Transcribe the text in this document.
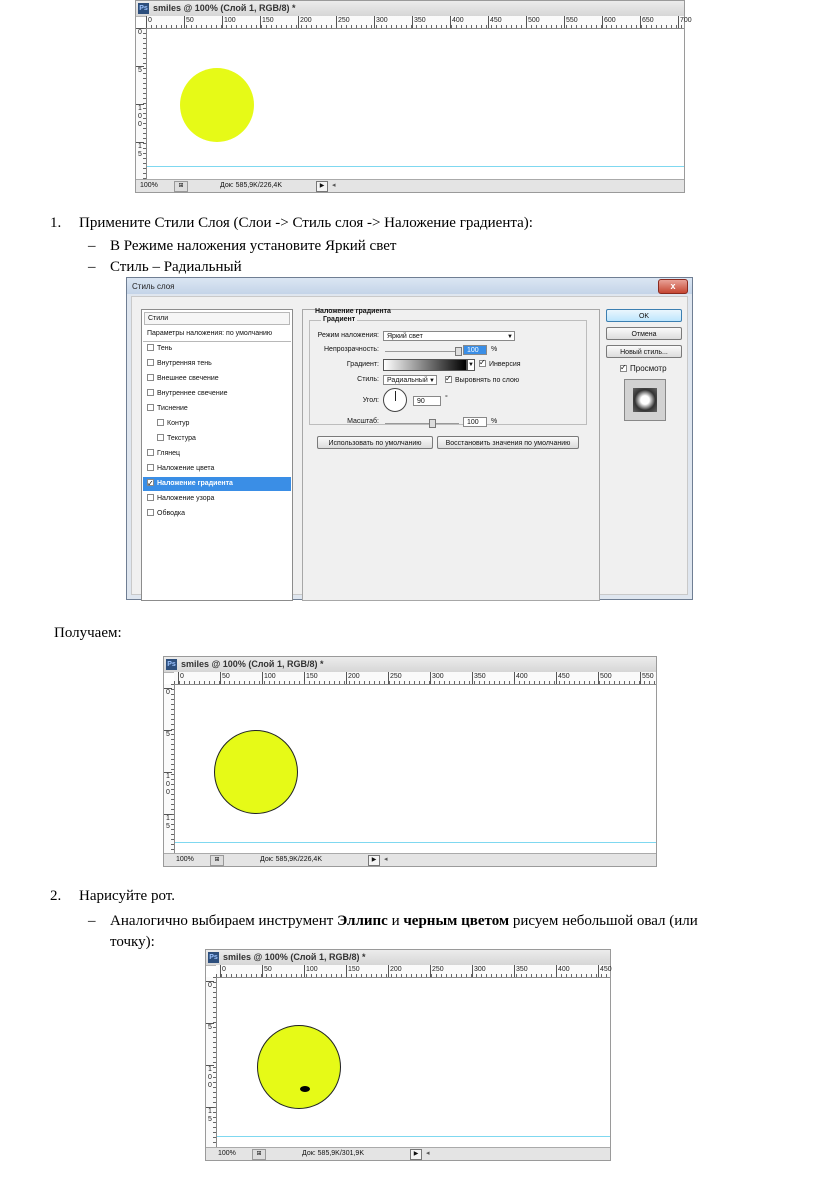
Ps smiles @ 100% (Слой 1, RGB/8) *
0	50	100	150	200	250	300	350	400	450	500	550	600	650	700
0
5
1 0 0
1 5
100%	⊞	Док: 585,9K/226,4K	▶	◂
1. Примените Стили Слоя (Слои -> Стиль слоя -> Наложение градиента):
– В Режиме наложения установите Яркий свет
– Стиль – Радиальный
Стиль слоя	x
Стили
Параметры наложения: по умолчанию
Тень
Внутренняя тень
Внешнее свечение
Внутреннее свечение
Тиснение
Контур
Текстура
Глянец
Наложение цвета
✓Наложение градиента
Наложение узора
Обводка
Наложение градиента
Градиент
Режим наложения:	Яркий свет	▼
Непрозрачность:	100	%
Градиент:	▼ ✓	Инверсия
Стиль:	Радиальный ▼ ✓	Выровнять по слою
Угол:	90	°
Масштаб:	100	%
Использовать по умолчанию	Восстановить значения по умолчанию
OK
Отмена
Новый стиль...
✓Просмотр
Получаем:
Ps smiles @ 100% (Слой 1, RGB/8) *
0	50	100	150	200	250	300	350	400	450	500	550
0
5
1 0 0
1 5
100%	⊞	Док: 585,9K/226,4K	▶	◂
2. Нарисуйте рот.
– Аналогично выбираем инструмент Эллипс и черным цветом рисуем небольшой овал (или
точку):
Ps smiles @ 100% (Слой 1, RGB/8) *
0	50	100	150	200	250	300	350	400	450
0
5
1 0 0
1 5
100%	⊞	Док: 585,9K/301,9K	▶	◂
